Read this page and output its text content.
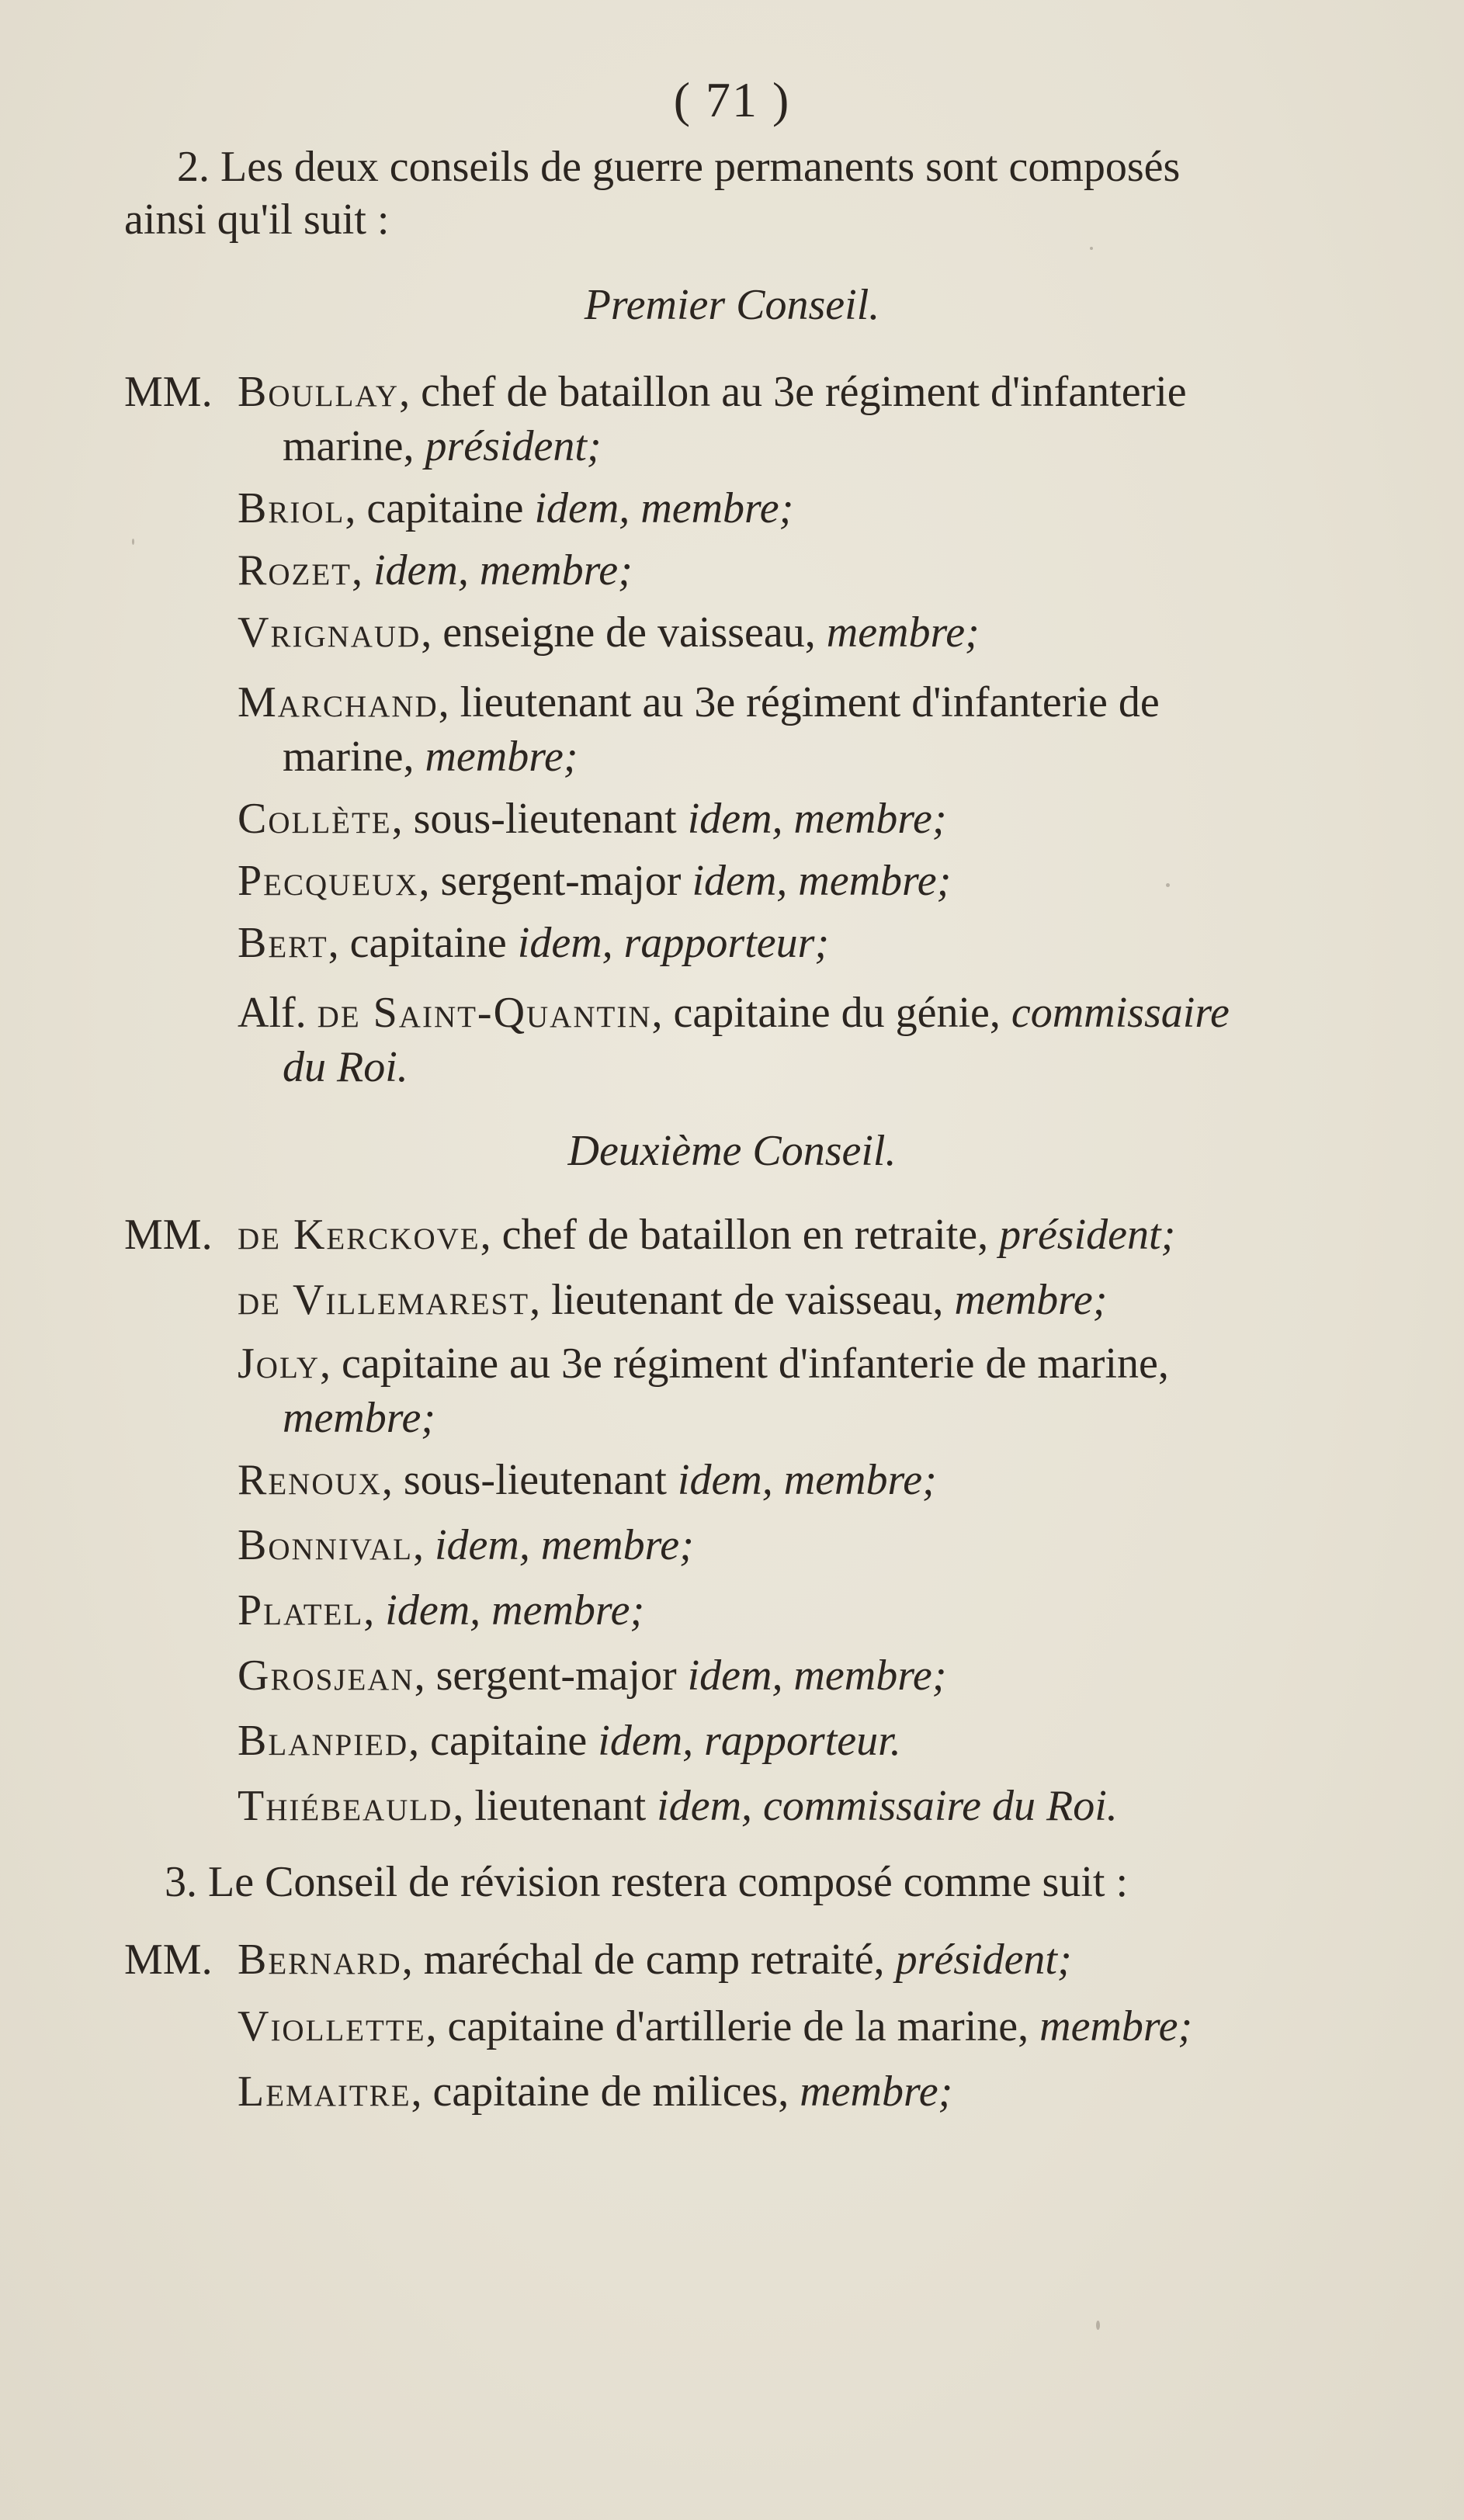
( 71 )
2. Les deux conseils de guerre permanents sont composés
ainsi qu'il suit :
Premier Conseil.
MM. Boullay, chef de bataillon au 3e régiment d'infanterie
marine, président;
Briol, capitaine idem, membre;
Rozet, idem, membre;
Vrignaud, enseigne de vaisseau, membre;
Marchand, lieutenant au 3e régiment d'infanterie de
marine, membre;
Collète, sous-lieutenant idem, membre;
Pecqueux, sergent-major idem, membre;
Bert, capitaine idem, rapporteur;
Alf. de Saint-Quantin, capitaine du génie, commissaire
du Roi.
Deuxième Conseil.
MM. de Kerckove, chef de bataillon en retraite, président;
de Villemarest, lieutenant de vaisseau, membre;
Joly, capitaine au 3e régiment d'infanterie de marine,
membre;
Renoux, sous-lieutenant idem, membre;
Bonnival, idem, membre;
Platel, idem, membre;
Grosjean, sergent-major idem, membre;
Blanpied, capitaine idem, rapporteur.
Thiébeauld, lieutenant idem, commissaire du Roi.
3. Le Conseil de révision restera composé comme suit :
MM. Bernard, maréchal de camp retraité, président;
Viollette, capitaine d'artillerie de la marine, membre;
Lemaitre, capitaine de milices, membre;
